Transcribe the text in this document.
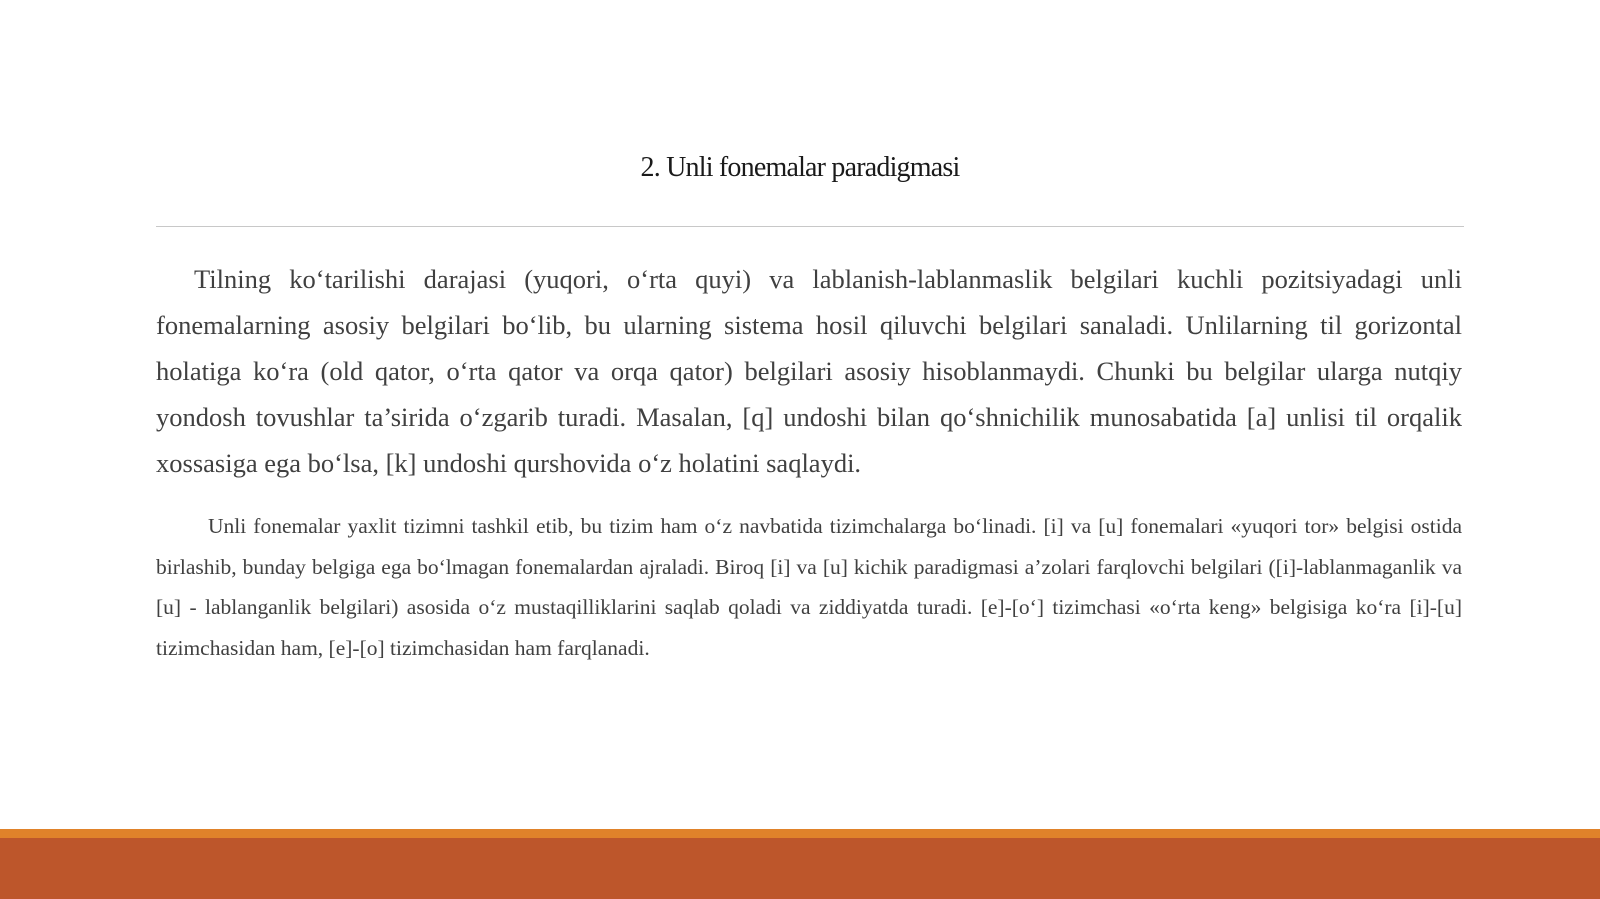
2. Unli fonemalar paradigmasi

Tilning ko‘tarilishi darajasi (yuqori, o‘rta quyi) va lablanish-lablanmaslik belgilari kuchli pozitsiyadagi unli fonemalarning asosiy belgilari bo‘lib, bu ularning sistema hosil qiluvchi belgilari sanaladi. Unlilarning til gorizontal holatiga ko‘ra (old qator, o‘rta qator va orqa qator) belgilari asosiy hisoblanmaydi. Chunki bu belgilar ularga nutqiy yondosh tovushlar ta’sirida o‘zgarib turadi. Masalan, [q] undoshi bilan qo‘shnichilik munosabatida [a] unlisi til orqalik xossasiga ega bo‘lsa, [k] undoshi qurshovida o‘z holatini saqlaydi.

Unli fonemalar yaxlit tizimni tashkil etib, bu tizim ham o‘z navbatida tizimchalarga bo‘linadi. [i] va [u] fonemalari «yuqori tor» belgisi ostida birlashib, bunday belgiga ega bo‘lmagan fonemalardan ajraladi. Biroq [i] va [u] kichik paradigmasi a’zolari farqlovchi belgilari ([i]-lablanmaganlik va [u] - lablanganlik belgilari) asosida o‘z mustaqilliklarini saqlab qoladi va ziddiyatda turadi. [e]-[o‘] tizimchasi «o‘rta keng» belgisiga ko‘ra [i]-[u] tizimchasidan ham, [e]-[o] tizimchasidan ham farqlanadi.
